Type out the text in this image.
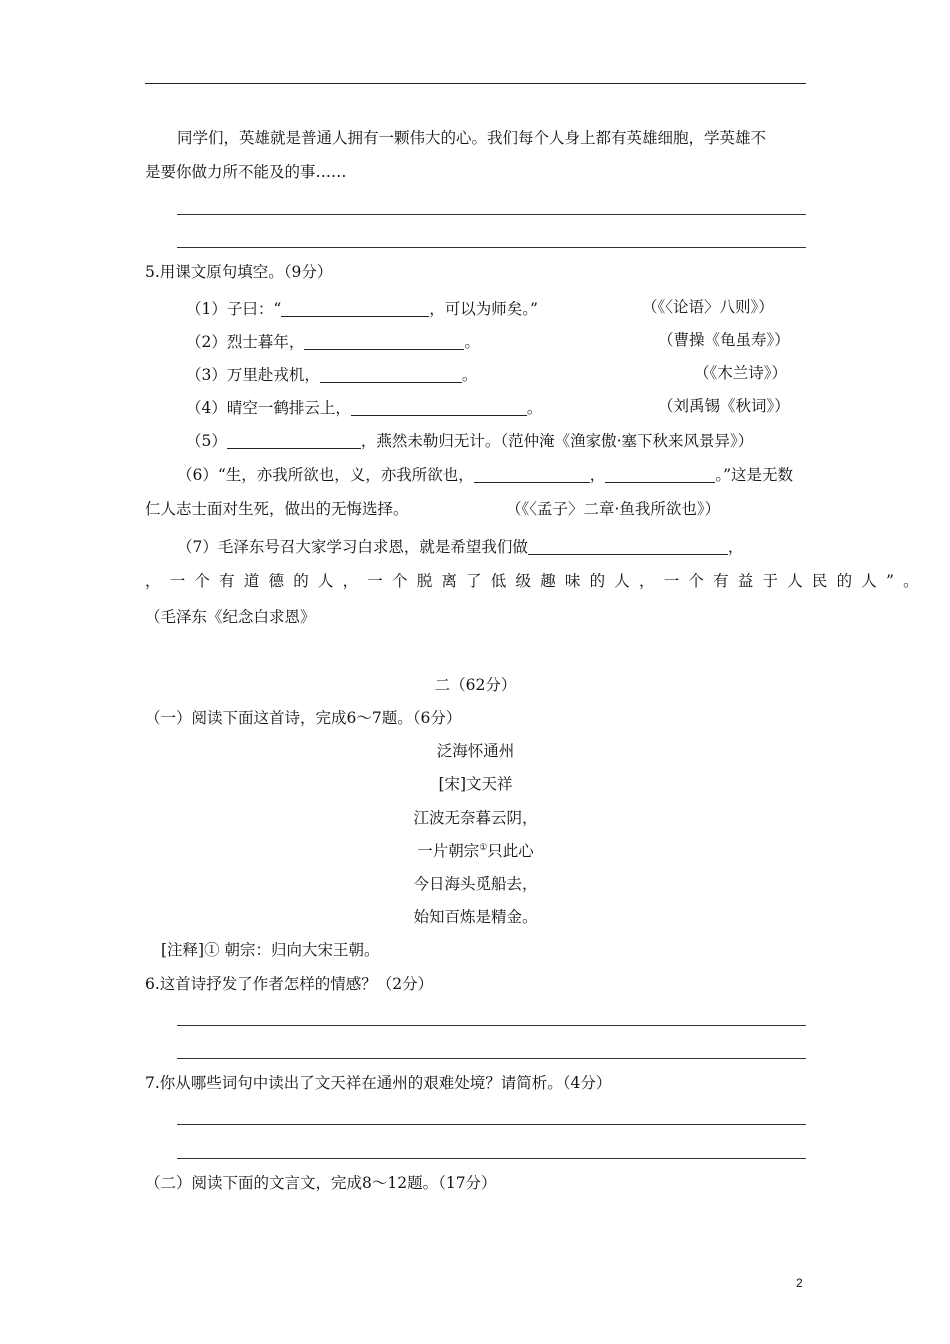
同学们，英雄就是普通人拥有一颗伟大的心。我们每个人身上都有英雄细胞，学英雄不
是要你做力所不能及的事……
5.用课文原句填空。（9分）
（1）子曰：“	，可以为师矣。”	（《〈论语〉八则》）
（2）烈士暮年，	。	（曹操《龟虽寿》）
（3）万里赴戎机，	。	（《木兰诗》）
（4）晴空一鹤排云上，	。	（刘禹锡《秋词》）
（5）	，燕然未勒归无计。（范仲淹《渔家傲·塞下秋来风景异》）
（6）“生，亦我所欲也，义，亦我所欲也，	，	。”这是无数
仁人志士面对生死，做出的无悔选择。	（《〈孟子〉二章·鱼我所欲也》）
（7）毛泽东号召大家学习白求恩，就是希望我们做	，
，一个有道德的人，一个脱离了低级趣味的人，一个有益于人民的人”。
（毛泽东《纪念白求恩》
二（62分）
（一）阅读下面这首诗，完成6～7题。（6分）
泛海怀通州
[宋]文天祥
江波无奈暮云阴，
一片朝宗①只此心
今日海头觅船去，
始知百炼是精金。
[注释]① 朝宗：归向大宋王朝。
6.这首诗抒发了作者怎样的情感？（2分）
7.你从哪些词句中读出了文天祥在通州的艰难处境？请简析。（4分）
（二）阅读下面的文言文，完成8～12题。（17分）
2
